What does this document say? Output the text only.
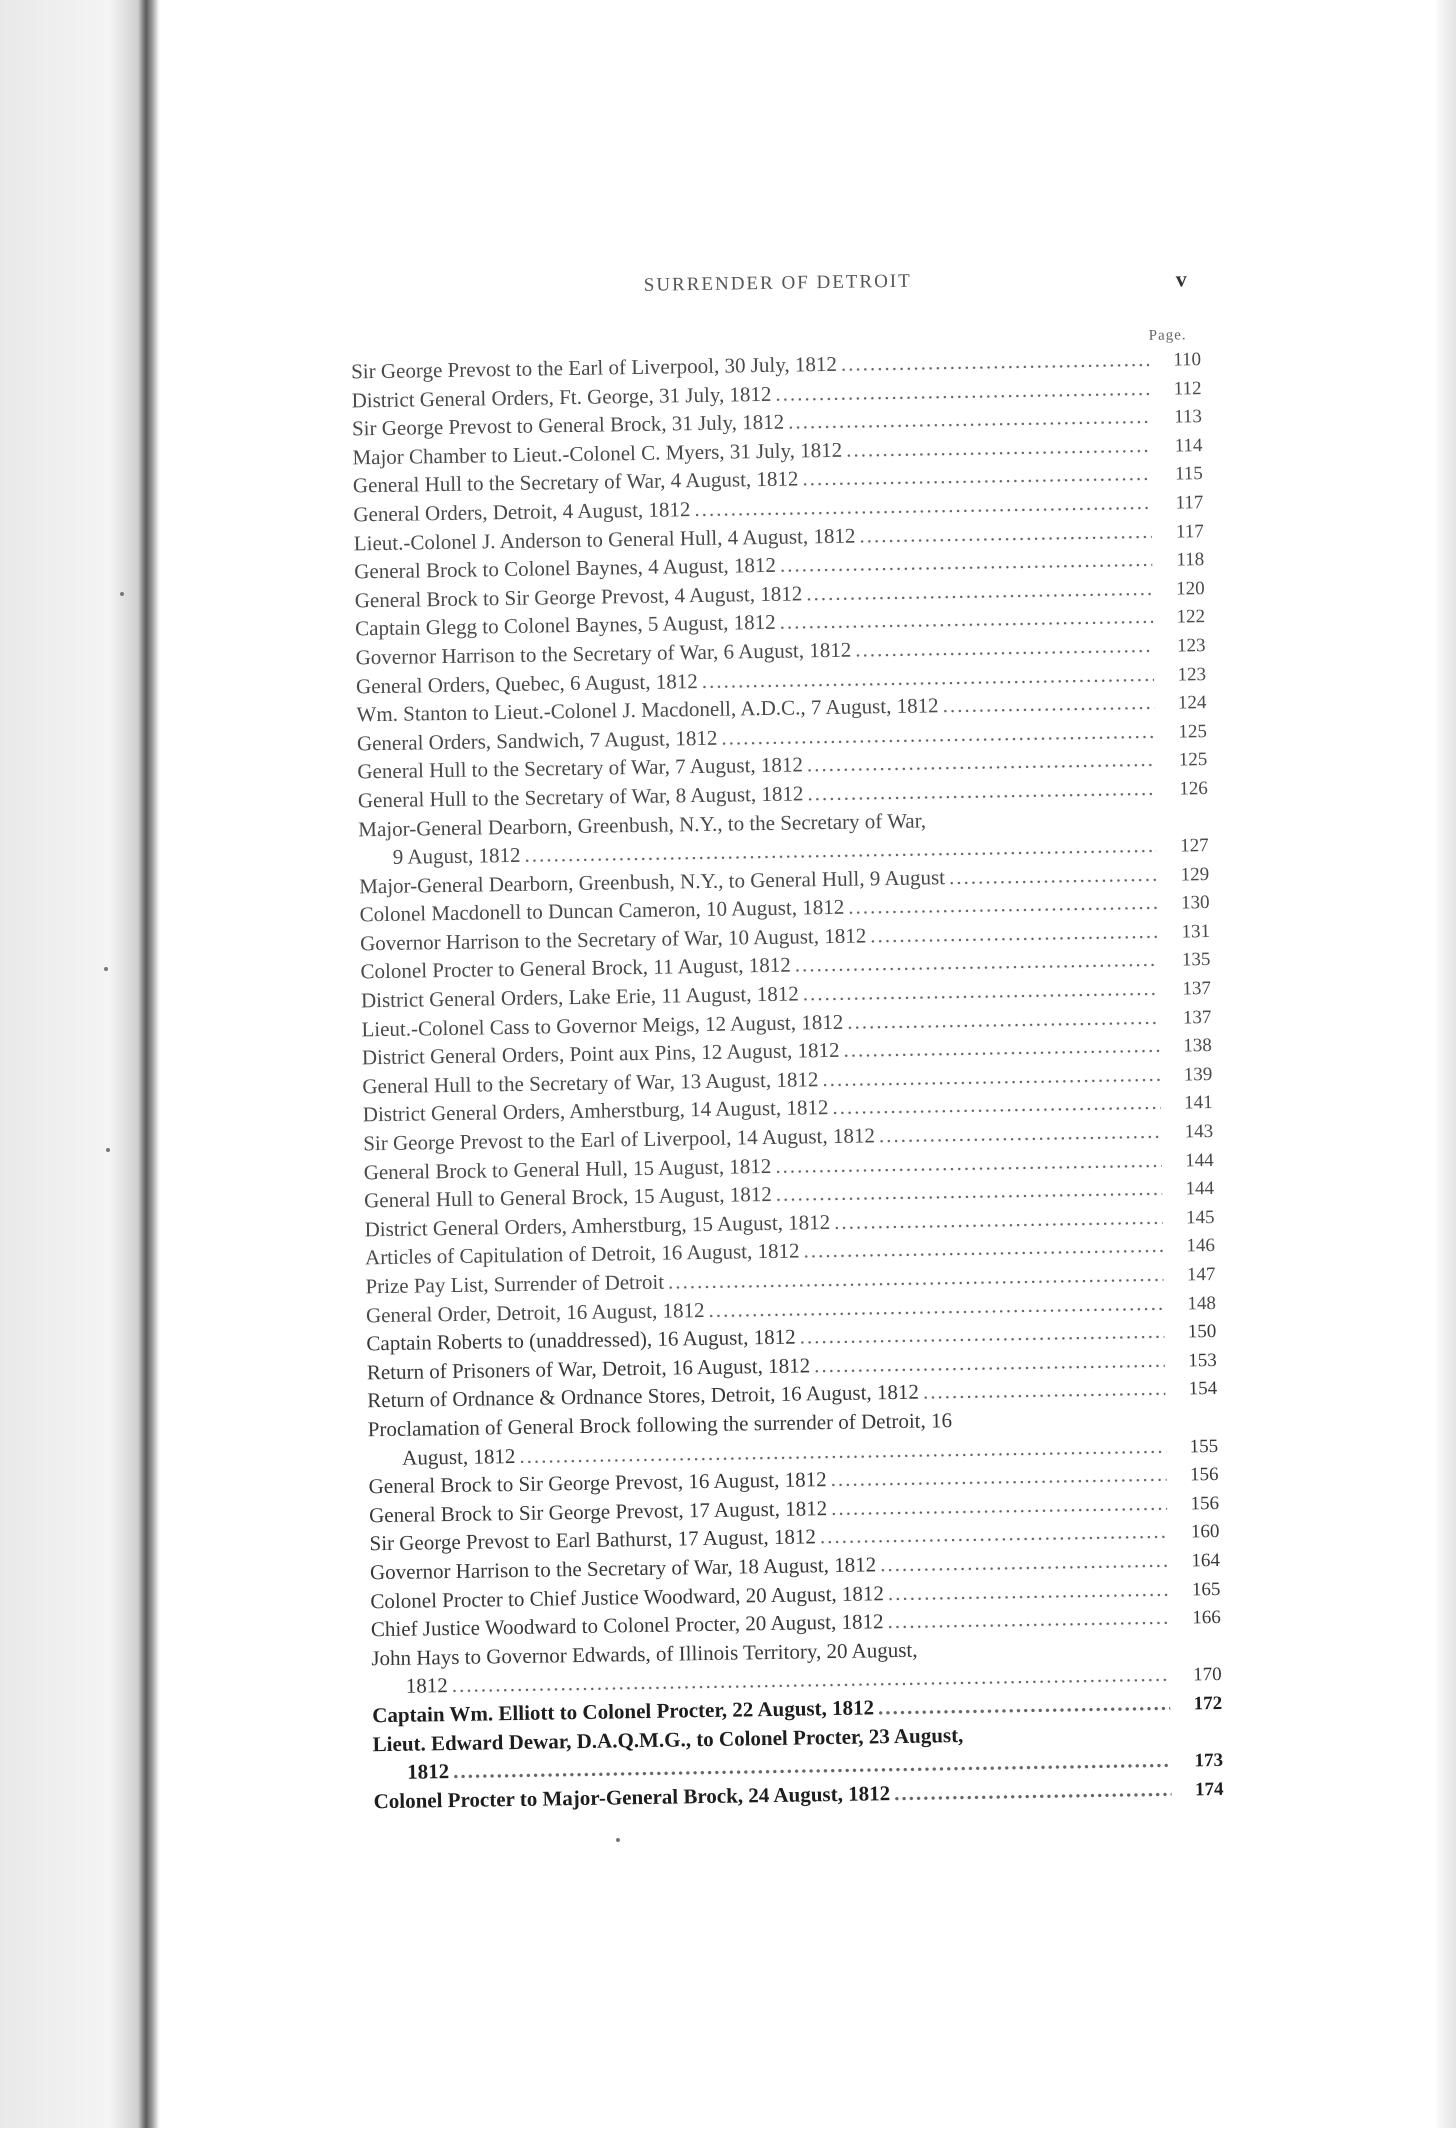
SURRENDER OF DETROIT	v
Page.
Sir George Prevost to the Earl of Liverpool, 30 July, 1812 .....	110
District General Orders, Ft. George, 31 July, 1812 .....	112
Sir George Prevost to General Brock, 31 July, 1812 .....	113
Major Chamber to Lieut.-Colonel C. Myers, 31 July, 1812 .....	114
General Hull to the Secretary of War, 4 August, 1812 .....	115
General Orders, Detroit, 4 August, 1812 .....	117
Lieut.-Colonel J. Anderson to General Hull, 4 August, 1812 .....	117
General Brock to Colonel Baynes, 4 August, 1812 .....	118
General Brock to Sir George Prevost, 4 August, 1812 .....	120
Captain Glegg to Colonel Baynes, 5 August, 1812 .....	122
Governor Harrison to the Secretary of War, 6 August, 1812 .....	123
General Orders, Quebec, 6 August, 1812 .....	123
Wm. Stanton to Lieut.-Colonel J. Macdonell, A.D.C., 7 August, 1812 .....	124
General Orders, Sandwich, 7 August, 1812 .....	125
General Hull to the Secretary of War, 7 August, 1812 .....	125
General Hull to the Secretary of War, 8 August, 1812 .....	126
Major-General Dearborn, Greenbush, N.Y., to the Secretary of War,
9 August, 1812 .....	127
Major-General Dearborn, Greenbush, N.Y., to General Hull, 9 August .....	129
Colonel Macdonell to Duncan Cameron, 10 August, 1812 .....	130
Governor Harrison to the Secretary of War, 10 August, 1812 .....	131
Colonel Procter to General Brock, 11 August, 1812 .....	135
District General Orders, Lake Erie, 11 August, 1812 .....	137
Lieut.-Colonel Cass to Governor Meigs, 12 August, 1812 .....	137
District General Orders, Point aux Pins, 12 August, 1812 .....	138
General Hull to the Secretary of War, 13 August, 1812 .....	139
District General Orders, Amherstburg, 14 August, 1812 .....	141
Sir George Prevost to the Earl of Liverpool, 14 August, 1812 .....	143
General Brock to General Hull, 15 August, 1812 .....	144
General Hull to General Brock, 15 August, 1812 .....	144
District General Orders, Amherstburg, 15 August, 1812 .....	145
Articles of Capitulation of Detroit, 16 August, 1812 .....	146
Prize Pay List, Surrender of Detroit .....	147
General Order, Detroit, 16 August, 1812 .....	148
Captain Roberts to (unaddressed), 16 August, 1812 .....	150
Return of Prisoners of War, Detroit, 16 August, 1812 .....	153
Return of Ordnance & Ordnance Stores, Detroit, 16 August, 1812 .....	154
Proclamation of General Brock following the surrender of Detroit, 16
August, 1812 .....	155
General Brock to Sir George Prevost, 16 August, 1812 .....	156
General Brock to Sir George Prevost, 17 August, 1812 .....	156
Sir George Prevost to Earl Bathurst, 17 August, 1812 .....	160
Governor Harrison to the Secretary of War, 18 August, 1812 .....	164
Colonel Procter to Chief Justice Woodward, 20 August, 1812 .....	165
Chief Justice Woodward to Colonel Procter, 20 August, 1812 .....	166
John Hays to Governor Edwards, of Illinois Territory, 20 August,
1812 .....	170
Captain Wm. Elliott to Colonel Procter, 22 August, 1812 .....	172
Lieut. Edward Dewar, D.A.Q.M.G., to Colonel Procter, 23 August,
1812 .....	173
Colonel Procter to Major-General Brock, 24 August, 1812 .....	174
